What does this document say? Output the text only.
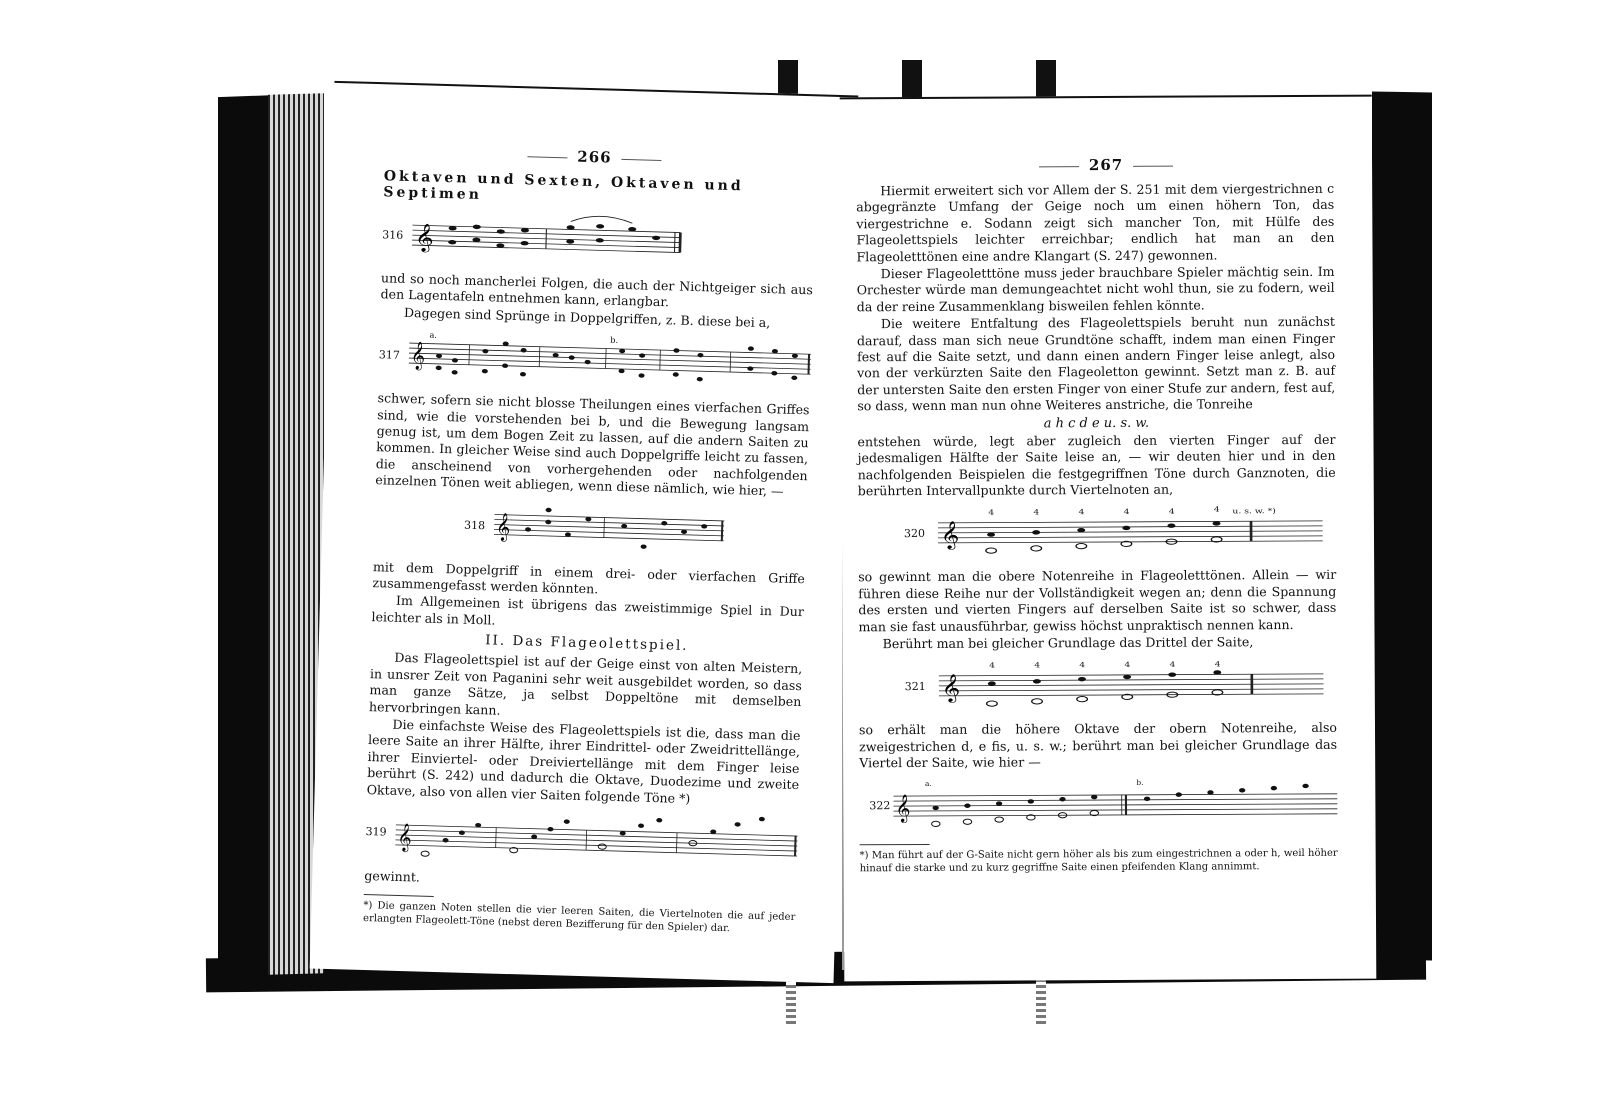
266
Oktaven und Sexten, Oktaven und Septimen
316 𝄞

und so noch mancherlei Folgen, die auch der Nichtgeiger sich aus den Lagentafeln entnehmen kann, erlangbar.

Dagegen sind Sprünge in Doppelgriffen, z. B. diese bei a,

317 𝄞
a.
b.

schwer, sofern sie nicht blosse Theilungen eines vierfachen Griffes sind, wie die vorstehenden bei b, und die Bewegung langsam genug ist, um dem Bogen Zeit zu lassen, auf die andern Saiten zu kommen. In gleicher Weise sind auch Doppelgriffe leicht zu fassen, die anscheinend von vorhergehenden oder nachfolgenden einzelnen Tönen weit abliegen, wenn diese nämlich, wie hier, —

318 𝄞

mit dem Doppelgriff in einem drei- oder vierfachen Griffe zusammengefasst werden könnten.

Im Allgemeinen ist übrigens das zweistimmige Spiel in Dur leichter als in Moll.

II. Das Flageolettspiel.

Das Flageolettspiel ist auf der Geige einst von alten Meistern, in unsrer Zeit von Paganini sehr weit ausgebildet worden, so dass man ganze Sätze, ja selbst Doppeltöne mit demselben hervorbringen kann.

Die einfachste Weise des Flageolettspiels ist die, dass man die leere Saite an ihrer Hälfte, ihrer Eindrittel- oder Zweidrittellänge, ihrer Einviertel- oder Dreiviertellänge mit dem Finger leise berührt (S. 242) und dadurch die Oktave, Duodezime und zweite Oktave, also von allen vier Saiten folgende Töne *)

319 𝄞

gewinnt.

*) Die ganzen Noten stellen die vier leeren Saiten, die Viertelnoten die auf jeder erlangten Flageolett-Töne (nebst deren Bezifferung für den Spieler) dar.

267

Hiermit erweitert sich vor Allem der S. 251 mit dem viergestrichnen c abgegränzte Umfang der Geige noch um einen höhern Ton, das viergestrichne e. Sodann zeigt sich mancher Ton, mit Hülfe des Flageolettspiels leichter erreichbar; endlich hat man an den Flageoletttönen eine andre Klangart (S. 247) gewonnen.

Dieser Flageoletttöne muss jeder brauchbare Spieler mächtig sein. Im Orchester würde man demungeachtet nicht wohl thun, sie zu fodern, weil da der reine Zusammenklang bisweilen fehlen könnte.

Die weitere Entfaltung des Flageolettspiels beruht nun zunächst darauf, dass man sich neue Grundtöne schafft, indem man einen Finger fest auf die Saite setzt, und dann einen andern Finger leise anlegt, also von der verkürzten Saite den Flageoletton gewinnt. Setzt man z. B. auf der untersten Saite den ersten Finger von einer Stufe zur andern, fest auf, so dass, wenn man nun ohne Weiteres anstriche, die Tonreihe

a h c d e u. s. w.

entstehen würde, legt aber zugleich den vierten Finger auf der jedesmaligen Hälfte der Saite leise an, — wir deuten hier und in den nachfolgenden Beispielen die festgegriffnen Töne durch Ganznoten, die berührten Intervallpunkte durch Viertelnoten an,

320 𝄞
4	4	4	4	4	4 u. s. w. *)

so gewinnt man die obere Notenreihe in Flageoletttönen. Allein — wir führen diese Reihe nur der Vollständigkeit wegen an; denn die Spannung des ersten und vierten Fingers auf derselben Saite ist so schwer, dass man sie fast unausführbar, gewiss höchst unpraktisch nennen kann.

Berührt man bei gleicher Grundlage das Drittel der Saite,

321 𝄞
4	4	4	4	4	4

so erhält man die höhere Oktave der obern Notenreihe, also zweigestrichen d, e fis, u. s. w.; berührt man bei gleicher Grundlage das Viertel der Saite, wie hier —

322 𝄞
a.	b.

*) Man führt auf der G-Saite nicht gern höher als bis zum eingestrichnen a oder h, weil höher hinauf die starke und zu kurz gegriffne Saite einen pfeifenden Klang annimmt.
